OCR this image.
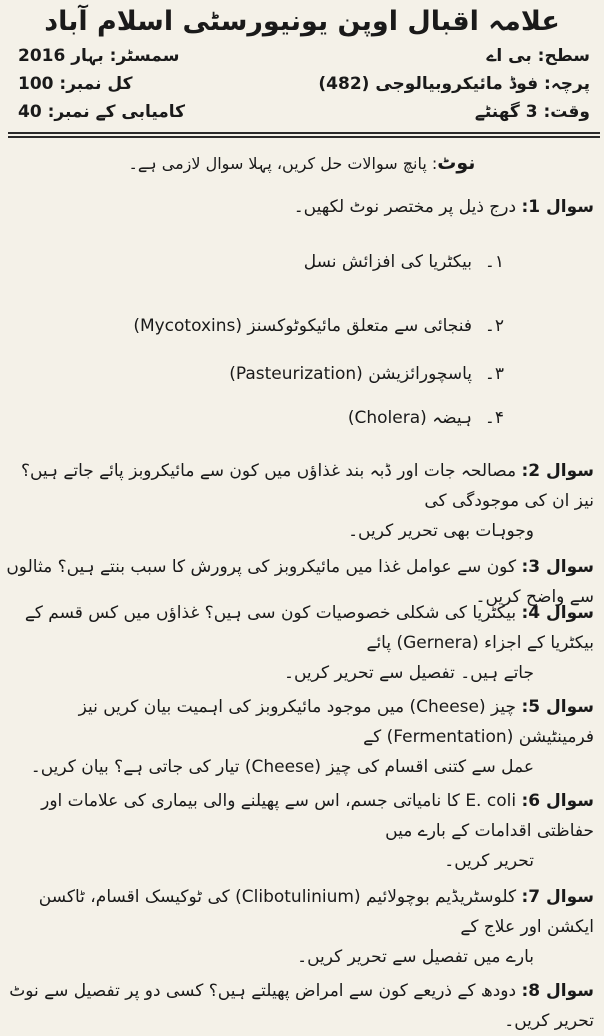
علامہ اقبال اوپن یونیورسٹی اسلام آباد
سطح: بی اے
پرچہ: فوڈ مائیکروبیالوجی (482)
وقت: 3 گھنٹے
سمسٹر: بہار 2016
کل نمبر: 100
کامیابی کے نمبر: 40
نوٹ: پانچ سوالات حل کریں، پہلا سوال لازمی ہے۔
سوال 1: درج ذیل پر مختصر نوٹ لکھیں۔
۱۔بیکٹریا کی افزائش نسل
۲۔فنجائی سے متعلق مائیکوٹوکسنز (Mycotoxins)
۳۔پاسچورائزیشن (Pasteurization)
۴۔ہیضہ (Cholera)
سوال 2: مصالحہ جات اور ڈبہ بند غذاؤں میں کون سے مائیکروبز پائے جاتے ہیں؟ نیز ان کی موجودگی کی
وجوہات بھی تحریر کریں۔
سوال 3: کون سے عوامل غذا میں مائیکروبز کی پرورش کا سبب بنتے ہیں؟ مثالوں سے واضح کریں۔
سوال 4: بیکٹریا کی شکلی خصوصیات کون سی ہیں؟ غذاؤں میں کس قسم کے بیکٹریا کے اجزاء (Gernera) پائے
جاتے ہیں۔ تفصیل سے تحریر کریں۔
سوال 5: چیز (Cheese) میں موجود مائیکروبز کی اہمیت بیان کریں نیز فرمینٹیشن (Fermentation) کے
عمل سے کتنی اقسام کی چیز (Cheese) تیار کی جاتی ہے؟ بیان کریں۔
سوال 6: E. coli کا نامیاتی جسم، اس سے پھیلنے والی بیماری کی علامات اور حفاظتی اقدامات کے بارے میں
تحریر کریں۔
سوال 7: کلوسٹریڈیم بوچولائیم (Clibotulinium) کی ٹوکیسک اقسام، ٹاکسن ایکشن اور علاج کے
بارے میں تفصیل سے تحریر کریں۔
سوال 8: دودھ کے ذریعے کون سے امراض پھیلتے ہیں؟ کسی دو پر تفصیل سے نوٹ تحریر کریں۔
